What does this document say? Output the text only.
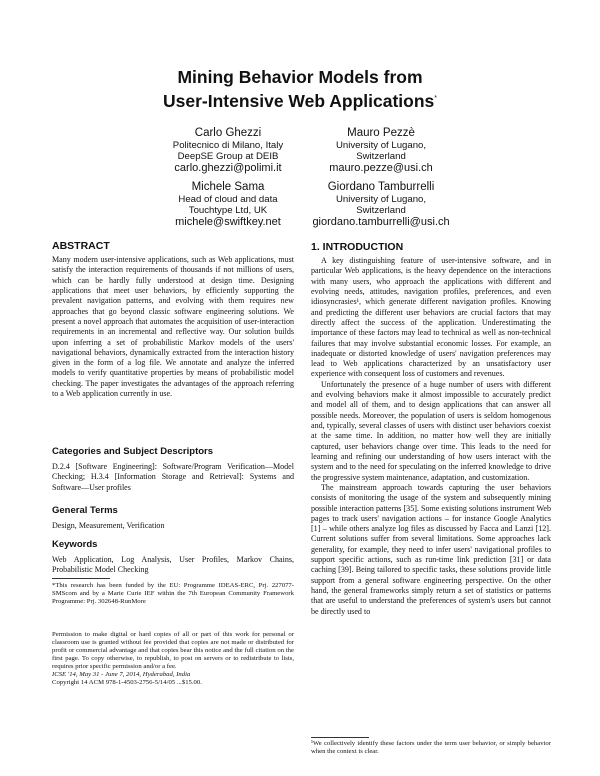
Mining Behavior Models from
User-Intensive Web Applications*
Carlo Ghezzi
Politecnico di Milano, Italy
DeepSE Group at DEIB
carlo.ghezzi@polimi.it
Mauro Pezzè
University of Lugano,
Switzerland
mauro.pezze@usi.ch
Michele Sama
Head of cloud and data
Touchtype Ltd, UK
michele@swiftkey.net
Giordano Tamburrelli
University of Lugano,
Switzerland
giordano.tamburrelli@usi.ch
ABSTRACT

Many modern user-intensive applications, such as Web applications, must satisfy the interaction requirements of thousands if not millions of users, which can be hardly fully understood at design time. Designing applications that meet user behaviors, by efficiently supporting the prevalent navigation patterns, and evolving with them requires new approaches that go beyond classic software engineering solutions. We present a novel approach that automates the acquisition of user-interaction requirements in an incremental and reflective way. Our solution builds upon inferring a set of probabilistic Markov models of the users' navigational behaviors, dynamically extracted from the interaction history given in the form of a log file. We annotate and analyze the inferred models to verify quantitative properties by means of probabilistic model checking. The paper investigates the advantages of the approach referring to a Web application currently in use.

Categories and Subject Descriptors

D.2.4 [Software Engineering]: Software/Program Verification—Model Checking; H.3.4 [Information Storage and Retrieval]: Systems and Software—User profiles

General Terms

Design, Measurement, Verification

Keywords

Web Application, Log Analysis, User Profiles, Markov Chains, Probabilistic Model Checking

*This research has been funded by the EU: Programme IDEAS-ERC, Prj. 227077-SMScom and by a Marie Curie IEF within the 7th European Community Framework Programme: Prj. 302648-RunMore

Permission to make digital or hard copies of all or part of this work for personal or classroom use is granted without fee provided that copies are not made or distributed for profit or commercial advantage and that copies bear this notice and the full citation on the first page. To copy otherwise, to republish, to post on servers or to redistribute to lists, requires prior specific permission and/or a fee.

ICSE '14, May 31 - June 7, 2014, Hyderabad, India

Copyright 14 ACM 978-1-4503-2756-5/14/05 ...$15.00.

1. INTRODUCTION

A key distinguishing feature of user-intensive software, and in particular Web applications, is the heavy dependence on the interactions with many users, who approach the applications with different and evolving needs, attitudes, navigation profiles, preferences, and even idiosyncrasies¹, which generate different navigation profiles. Knowing and predicting the different user behaviors are crucial factors that may directly affect the success of the application. Underestimating the importance of these factors may lead to technical as well as non-technical failures that may involve substantial economic losses. For example, an inadequate or distorted knowledge of users' navigation preferences may lead to Web applications characterized by an unsatisfactory user experience with consequent loss of customers and revenues.

Unfortunately the presence of a huge number of users with different and evolving behaviors make it almost impossible to accurately predict and model all of them, and to design applications that can answer all possible needs. Moreover, the population of users is seldom homogenous and, typically, several classes of users with distinct user behaviors coexist at the same time. In addition, no matter how well they are initially captured, user behaviors change over time. This leads to the need for learning and refining our understanding of how users interact with the system and to the need for speculating on the inferred knowledge to drive the progressive system maintenance, adaptation, and customization.

The mainstream approach towards capturing the user behaviors consists of monitoring the usage of the system and subsequently mining possible interaction patterns [35]. Some existing solutions instrument Web pages to track users' navigation actions – for instance Google Analytics [1] – while others analyze log files as discussed by Facca and Lanzi [12]. Current solutions suffer from several limitations. Some approaches lack generality, for example, they need to infer users' navigational profiles to support specific actions, such as run-time link prediction [31] or data caching [39]. Being tailored to specific tasks, these solutions provide little support from a general software engineering perspective. On the other hand, the general frameworks simply return a set of statistics or patterns that are useful to understand the preferences of system's users but cannot be directly used to

¹We collectively identify these factors under the term user behavior, or simply behavior when the context is clear.
